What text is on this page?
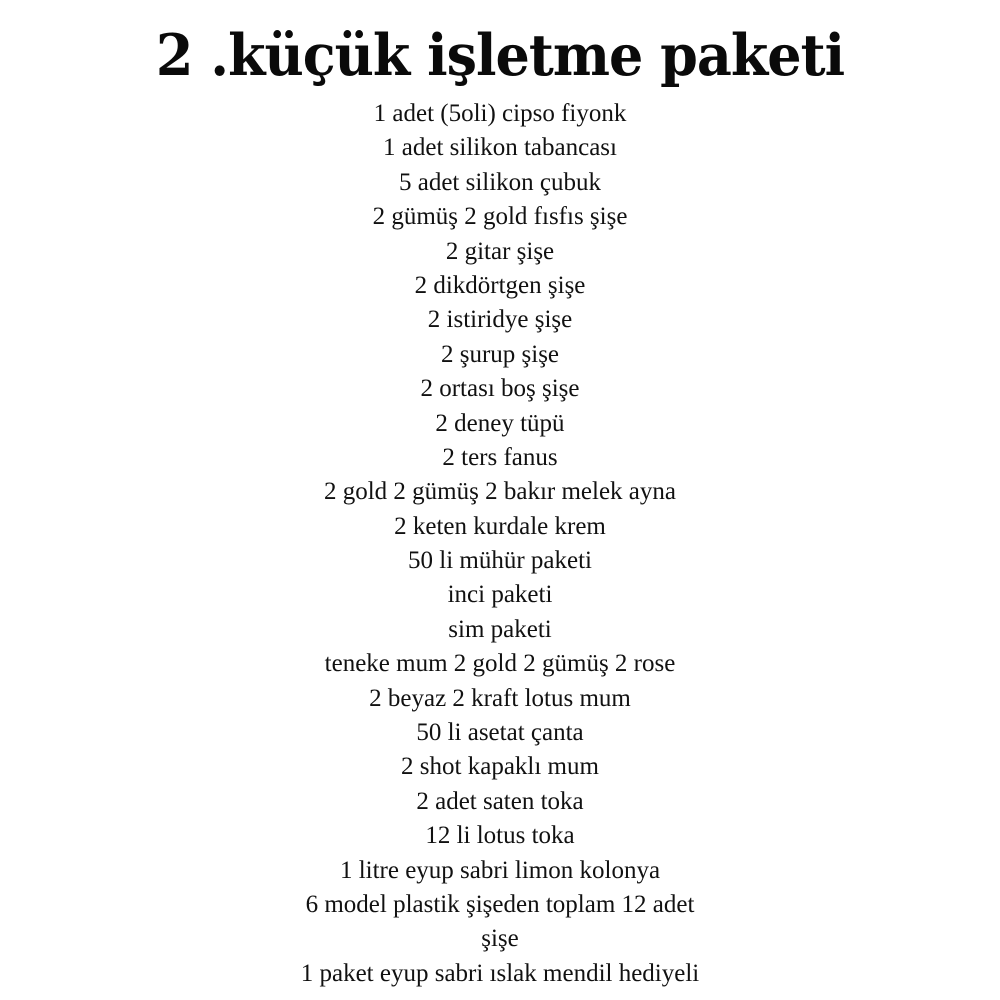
2 .küçük işletme paketi
1 adet (5oli) cipso fiyonk
1 adet silikon tabancası
5 adet silikon çubuk
2 gümüş 2 gold fısfıs şişe
2 gitar şişe
2 dikdörtgen şişe
2 istiridye şişe
2 şurup şişe
2 ortası boş şişe
2 deney tüpü
2 ters fanus
2 gold 2 gümüş 2 bakır melek ayna
2 keten kurdale krem
50 li mühür paketi
inci paketi
sim paketi
teneke mum 2 gold 2 gümüş 2 rose
2 beyaz 2 kraft lotus mum
50 li asetat çanta
2 shot kapaklı mum
2 adet saten toka
12 li lotus toka
1 litre eyup sabri limon kolonya
6 model plastik şişeden toplam 12 adet
şişe
1 paket eyup sabri ıslak mendil hediyeli
